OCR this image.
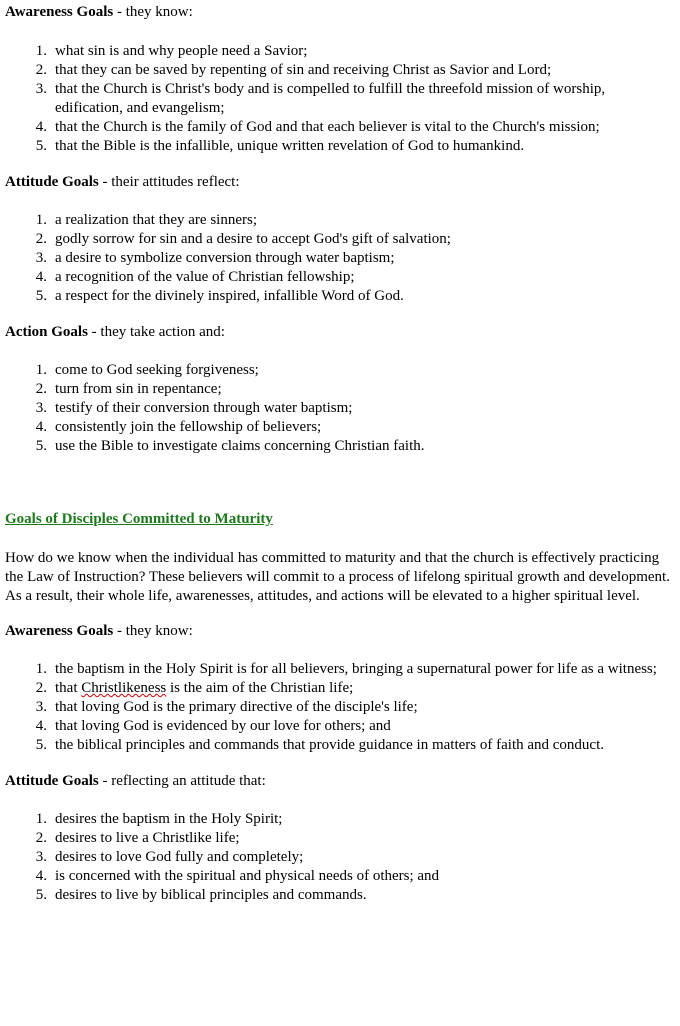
Awareness Goals - they know:

1. what sin is and why people need a Savior;
2. that they can be saved by repenting of sin and receiving Christ as Savior and Lord;
3. that the Church is Christ's body and is compelled to fulfill the threefold mission of worship, edification, and evangelism;
4. that the Church is the family of God and that each believer is vital to the Church's mission;
5. that the Bible is the infallible, unique written revelation of God to humankind.

Attitude Goals - their attitudes reflect:

1. a realization that they are sinners;
2. godly sorrow for sin and a desire to accept God's gift of salvation;
3. a desire to symbolize conversion through water baptism;
4. a recognition of the value of Christian fellowship;
5. a respect for the divinely inspired, infallible Word of God.

Action Goals - they take action and:

1. come to God seeking forgiveness;
2. turn from sin in repentance;
3. testify of their conversion through water baptism;
4. consistently join the fellowship of believers;
5. use the Bible to investigate claims concerning Christian faith.

Goals of Disciples Committed to Maturity

How do we know when the individual has committed to maturity and that the church is effectively practicing the Law of Instruction? These believers will commit to a process of lifelong spiritual growth and development. As a result, their whole life, awarenesses, attitudes, and actions will be elevated to a higher spiritual level.

Awareness Goals - they know:

1. the baptism in the Holy Spirit is for all believers, bringing a supernatural power for life as a witness;
2. that Christlikeness is the aim of the Christian life;
3. that loving God is the primary directive of the disciple's life;
4. that loving God is evidenced by our love for others; and
5. the biblical principles and commands that provide guidance in matters of faith and conduct.

Attitude Goals - reflecting an attitude that:

1. desires the baptism in the Holy Spirit;
2. desires to live a Christlike life;
3. desires to love God fully and completely;
4. is concerned with the spiritual and physical needs of others; and
5. desires to live by biblical principles and commands.
